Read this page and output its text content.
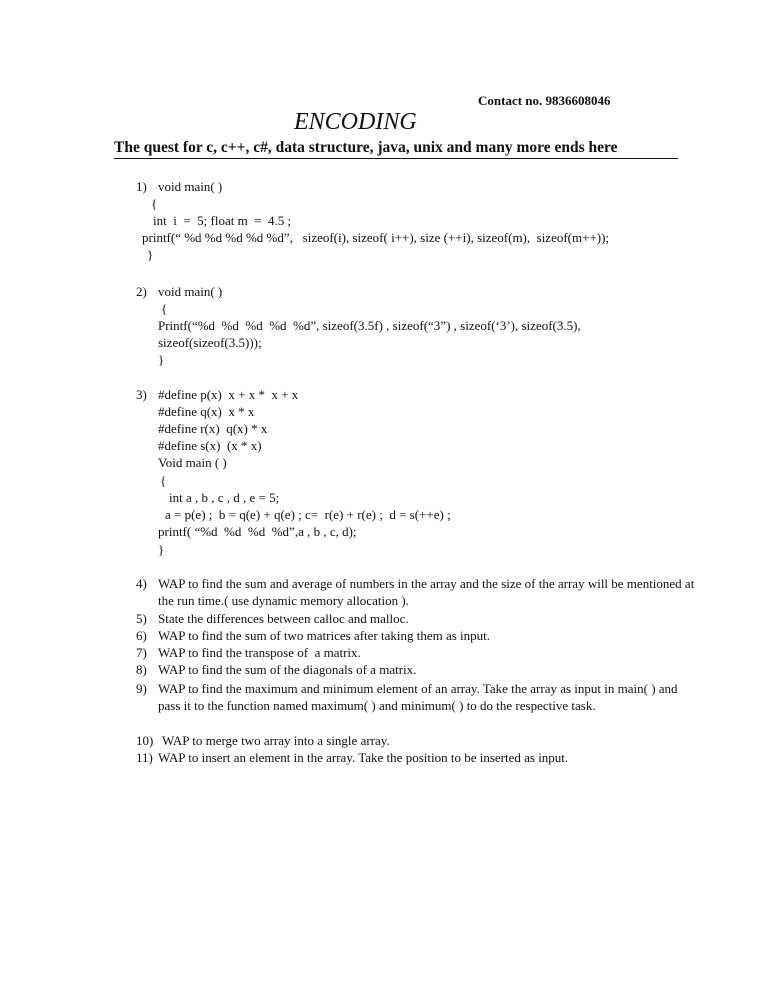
Contact no. 9836608046
ENCODING
The quest for c, c++, c#, data structure, java, unix and many more ends here
1) void main( )
{
int  i  =  5; float m  =  4.5 ;
printf(“ %d %d %d %d %d”,   sizeof(i), sizeof( i++), size (++i), sizeof(m),  sizeof(m++));
}
2) void main( )
{
Printf(“%d  %d  %d  %d  %d”, sizeof(3.5f) , sizeof(“3”) , sizeof(‘3’), sizeof(3.5),
sizeof(sizeof(3.5)));
}
3) #define p(x)  x + x *  x + x
#define q(x)  x * x
#define r(x)  q(x) * x
#define s(x)  (x * x)
Void main ( )
{
int a , b , c , d , e = 5;
a = p(e) ;  b = q(e) + q(e) ; c=  r(e) + r(e) ;  d = s(++e) ;
printf( “%d  %d  %d  %d”,a , b , c, d);
}
4) WAP to find the sum and average of numbers in the array and the size of the array will be mentioned at the run time.( use dynamic memory allocation ).
5) State the differences between calloc and malloc.
6) WAP to find the sum of two matrices after taking them as input.
7) WAP to find the transpose of  a matrix.
8) WAP to find the sum of the diagonals of a matrix.
9) WAP to find the maximum and minimum element of an array. Take the array as input in main( ) and pass it to the function named maximum( ) and minimum( ) to do the respective task.
10) WAP to merge two array into a single array.
11) WAP to insert an element in the array. Take the position to be inserted as input.
